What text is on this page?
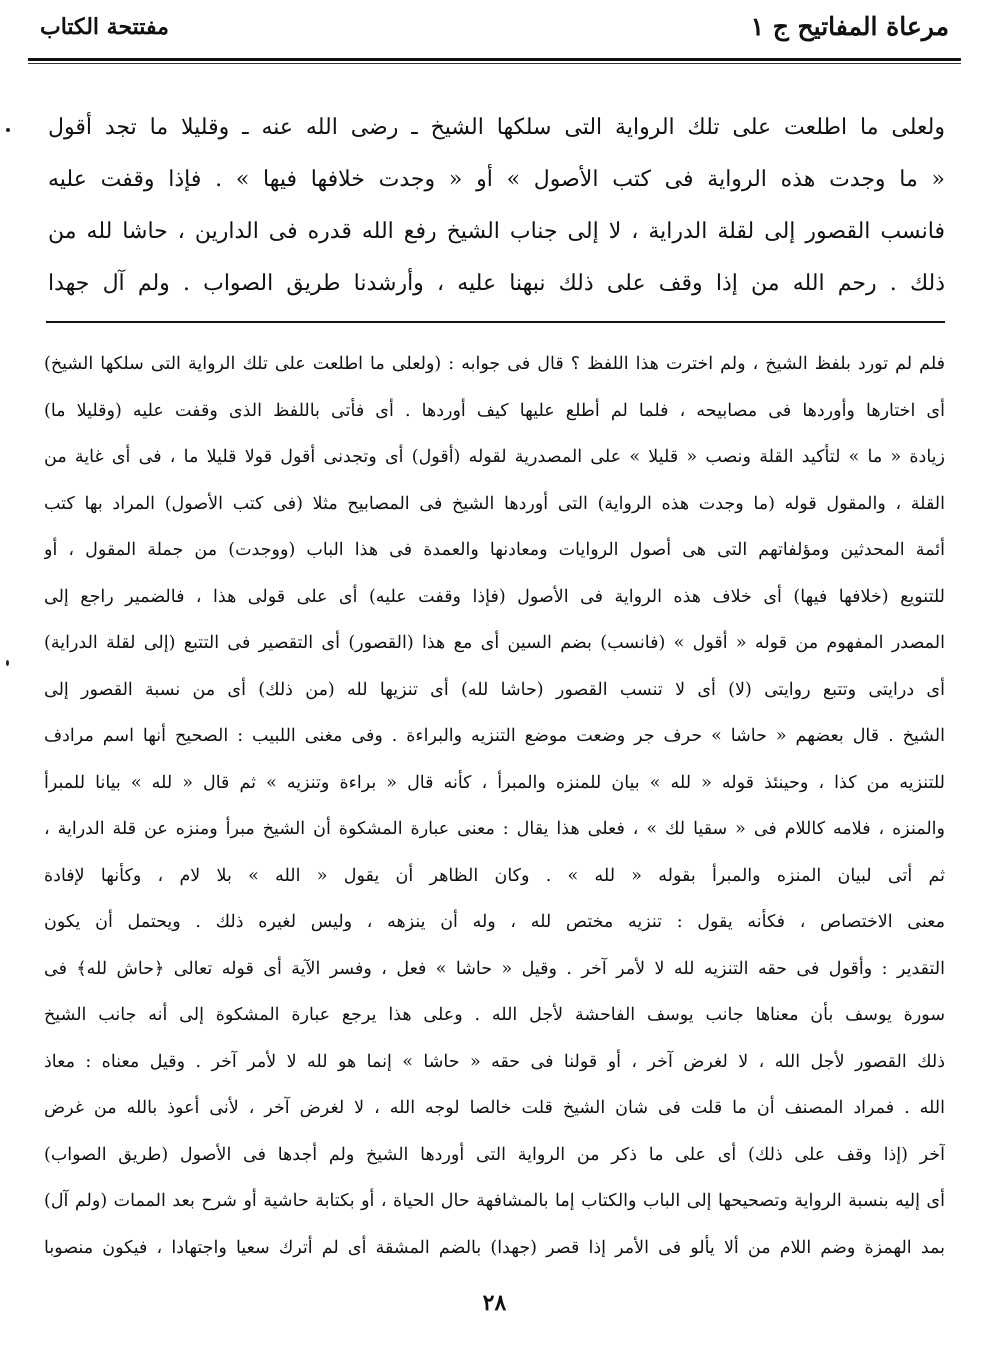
مرعاة المفاتيح ج ١
مفتتحة الكتاب
ولعلى ما اطلعت على تلك الرواية التى سلكها الشيخ ـ رضى الله عنه ـ وقليلا ما تجد أقول
« ما وجدت هذه الرواية فى كتب الأصول » أو « وجدت خلافها فيها » . فإذا وقفت عليه
فانسب القصور إلى لقلة الدراية ، لا إلى جناب الشيخ رفع الله قدره فى الدارين ، حاشا لله من
ذلك . رحم الله من إذا وقف على ذلك نبهنا عليه ، وأرشدنا طريق الصواب . ولم آل جهدا
فلم لم تورد بلفظ الشيخ ، ولم اخترت هذا اللفظ ؟ قال فى جوابه : (ولعلى ما اطلعت على تلك الرواية التى سلكها الشيخ)
أى اختارها وأوردها فى مصابيحه ، فلما لم أطلع عليها كيف أوردها . أى فأتى باللفظ الذى وقفت عليه (وقليلا ما)
زيادة « ما » لتأكيد القلة ونصب « قليلا » على المصدرية لقوله (أقول) أى وتجدنى أقول قولا قليلا ما ، فى أى غاية من
القلة ، والمقول قوله (ما وجدت هذه الرواية) التى أوردها الشيخ فى المصابيح مثلا (فى كتب الأصول) المراد بها كتب
أئمة المحدثين ومؤلفاتهم التى هى أصول الروايات ومعادنها والعمدة فى هذا الباب (ووجدت) من جملة المقول ، أو
للتنويع (خلافها فيها) أى خلاف هذه الرواية فى الأصول (فإذا وقفت عليه) أى على قولى هذا ، فالضمير راجع إلى
المصدر المفهوم من قوله « أقول » (فانسب) بضم السين أى مع هذا (القصور) أى التقصير فى التتبع (إلى لقلة الدراية)
أى درايتى وتتبع روايتى (لا) أى لا تنسب القصور (حاشا لله) أى تنزيها لله (من ذلك) أى من نسبة القصور إلى
الشيخ . قال بعضهم « حاشا » حرف جر وضعت موضع التنزيه والبراءة . وفى مغنى اللبيب : الصحيح أنها اسم مرادف
للتنزيه من كذا ، وحينئذ قوله « لله » بيان للمنزه والمبرأ ، كأنه قال « براءة وتنزيه » ثم قال « لله » بيانا للمبرأ
والمنزه ، فلامه كاللام فى « سقيا لك » ، فعلى هذا يقال : معنى عبارة المشكوة أن الشيخ مبرأ ومنزه عن قلة الدراية ،
ثم أتى لبيان المنزه والمبرأ بقوله « لله » . وكان الظاهر أن يقول « الله » بلا لام ، وكأنها لإفادة
معنى الاختصاص ، فكأنه يقول : تنزيه مختص لله ، وله أن ينزهه ، وليس لغيره ذلك . ويحتمل أن يكون
التقدير : وأقول فى حقه التنزيه لله لا لأمر آخر . وقيل « حاشا » فعل ، وفسر الآية أى قوله تعالى ﴿حاش لله﴾ فى
سورة يوسف بأن معناها جانب يوسف الفاحشة لأجل الله . وعلى هذا يرجع عبارة المشكوة إلى أنه جانب الشيخ
ذلك القصور لأجل الله ، لا لغرض آخر ، أو قولنا فى حقه « حاشا » إنما هو لله لا لأمر آخر . وقيل معناه : معاذ
الله . فمراد المصنف أن ما قلت فى شان الشيخ قلت خالصا لوجه الله ، لا لغرض آخر ، لأنى أعوذ بالله من غرض
آخر (إذا وقف على ذلك) أى على ما ذكر من الرواية التى أوردها الشيخ ولم أجدها فى الأصول (طريق الصواب)
أى إليه بنسبة الرواية وتصحيحها إلى الباب والكتاب إما بالمشافهة حال الحياة ، أو بكتابة حاشية أو شرح بعد الممات (ولم آل)
بمد الهمزة وضم اللام من ألا يألو فى الأمر إذا قصر (جهدا) بالضم المشقة أى لم أترك سعيا واجتهادا ، فيكون منصوبا
٢٨
